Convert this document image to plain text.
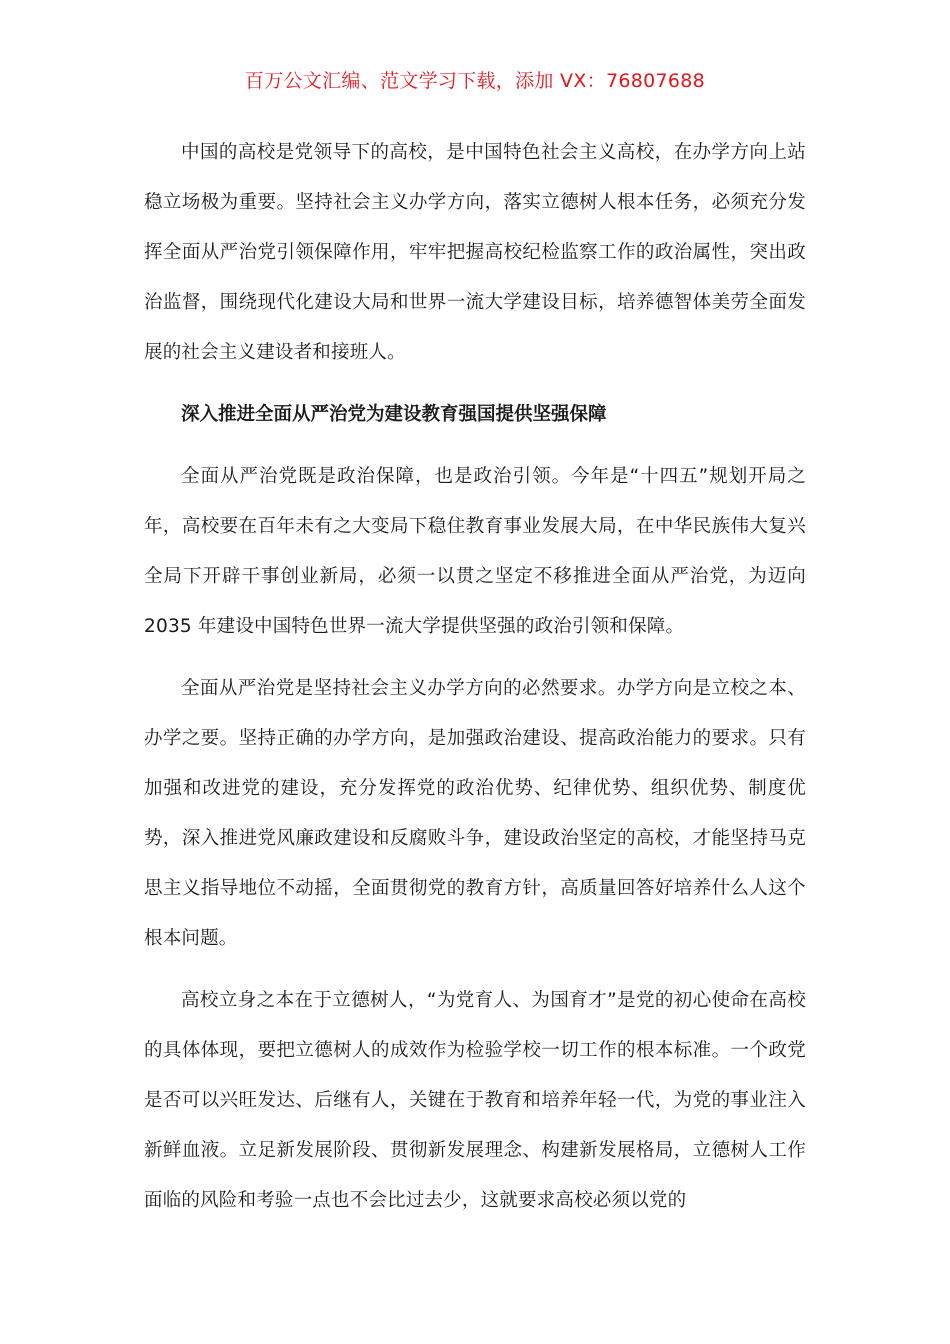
百万公文汇编、范文学习下载，添加 VX：76807688

中国的高校是党领导下的高校，是中国特色社会主义高校，在办学方向上站稳立场极为重要。坚持社会主义办学方向，落实立德树人根本任务，必须充分发挥全面从严治党引领保障作用，牢牢把握高校纪检监察工作的政治属性，突出政治监督，围绕现代化建设大局和世界一流大学建设目标，培养德智体美劳全面发展的社会主义建设者和接班人。

深入推进全面从严治党为建设教育强国提供坚强保障

全面从严治党既是政治保障，也是政治引领。今年是“十四五”规划开局之年，高校要在百年未有之大变局下稳住教育事业发展大局，在中华民族伟大复兴全局下开辟干事创业新局，必须一以贯之坚定不移推进全面从严治党，为迈向 2035 年建设中国特色世界一流大学提供坚强的政治引领和保障。

全面从严治党是坚持社会主义办学方向的必然要求。办学方向是立校之本、办学之要。坚持正确的办学方向，是加强政治建设、提高政治能力的要求。只有加强和改进党的建设，充分发挥党的政治优势、纪律优势、组织优势、制度优势，深入推进党风廉政建设和反腐败斗争，建设政治坚定的高校，才能坚持马克思主义指导地位不动摇，全面贯彻党的教育方针，高质量回答好培养什么人这个根本问题。

高校立身之本在于立德树人，“为党育人、为国育才”是党的初心使命在高校的具体体现，要把立德树人的成效作为检验学校一切工作的根本标准。一个政党是否可以兴旺发达、后继有人，关键在于教育和培养年轻一代，为党的事业注入新鲜血液。立足新发展阶段、贯彻新发展理念、构建新发展格局，立德树人工作面临的风险和考验一点也不会比过去少，这就要求高校必须以党的
